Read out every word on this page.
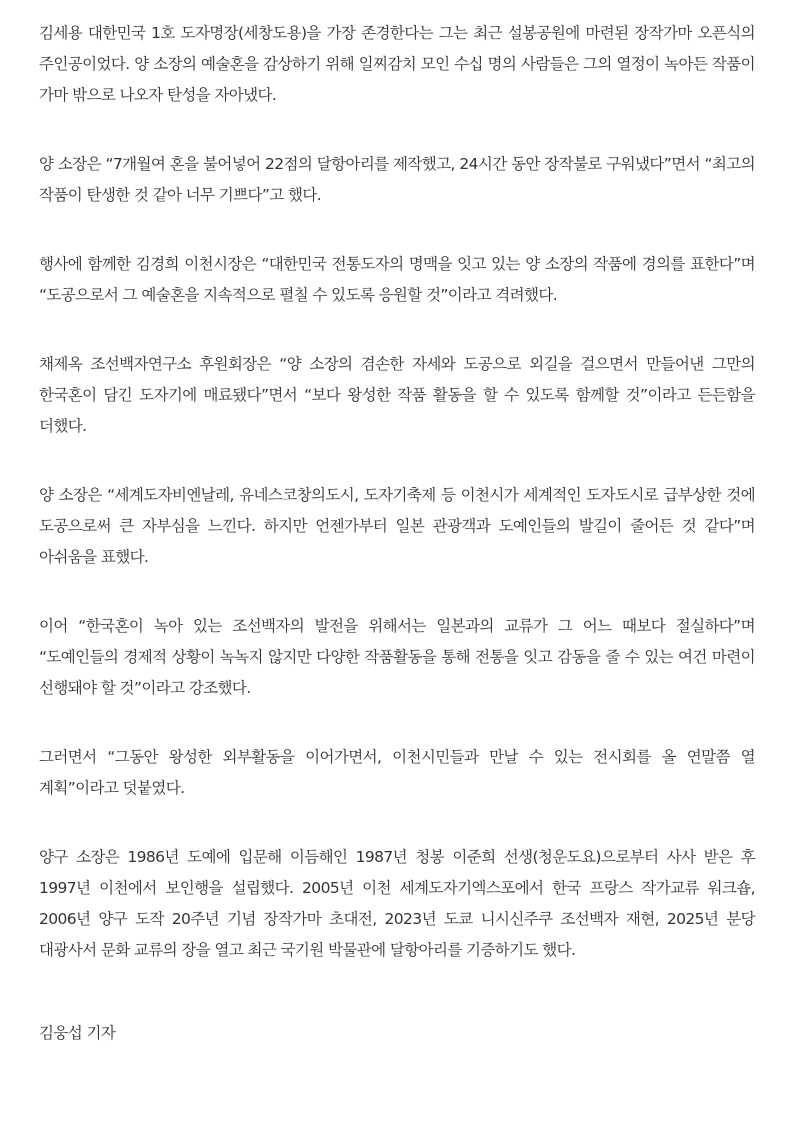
김세용 대한민국 1호 도자명장(세창도용)을 가장 존경한다는 그는 최근 설봉공원에 마련된 장작가마 오픈식의 주인공이었다. 양 소장의 예술혼을 감상하기 위해 일찌감치 모인 수십 명의 사람들은 그의 열정이 녹아든 작품이 가마 밖으로 나오자 탄성을 자아냈다.

양 소장은 “7개월여 혼을 불어넣어 22점의 달항아리를 제작했고, 24시간 동안 장작불로 구워냈다”면서 “최고의 작품이 탄생한 것 같아 너무 기쁘다”고 했다.

행사에 함께한 김경희 이천시장은 “대한민국 전통도자의 명맥을 잇고 있는 양 소장의 작품에 경의를 표한다”며 “도공으로서 그 예술혼을 지속적으로 펼칠 수 있도록 응원할 것”이라고 격려했다.

채제옥 조선백자연구소 후원회장은 “양 소장의 겸손한 자세와 도공으로 외길을 걸으면서 만들어낸 그만의 한국혼이 담긴 도자기에 매료됐다”면서 “보다 왕성한 작품 활동을 할 수 있도록 함께할 것”이라고 든든함을 더했다.

양 소장은 “세계도자비엔날레, 유네스코창의도시, 도자기축제 등 이천시가 세계적인 도자도시로 급부상한 것에 도공으로써 큰 자부심을 느낀다. 하지만 언젠가부터 일본 관광객과 도예인들의 발길이 줄어든 것 같다”며 아쉬움을 표했다.

이어 “한국혼이 녹아 있는 조선백자의 발전을 위해서는 일본과의 교류가 그 어느 때보다 절실하다”며 “도예인들의 경제적 상황이 녹녹지 않지만 다양한 작품활동을 통해 전통을 잇고 감동을 줄 수 있는 여건 마련이 선행돼야 할 것”이라고 강조했다.

그러면서 “그동안 왕성한 외부활동을 이어가면서, 이천시민들과 만날 수 있는 전시회를 올 연말쯤 열 계획”이라고 덧붙였다.

양구 소장은 1986년 도예에 입문해 이듬해인 1987년 청봉 이준희 선생(청운도요)으로부터 사사 받은 후 1997년 이천에서 보인행을 설립했다. 2005년 이천 세계도자기엑스포에서 한국 프랑스 작가교류 워크숍, 2006년 양구 도작 20주년 기념 장작가마 초대전, 2023년 도쿄 니시신주쿠 조선백자 재현, 2025년 분당 대광사서 문화 교류의 장을 열고 최근 국기원 박물관에 달항아리를 기증하기도 했다.

김웅섭 기자
